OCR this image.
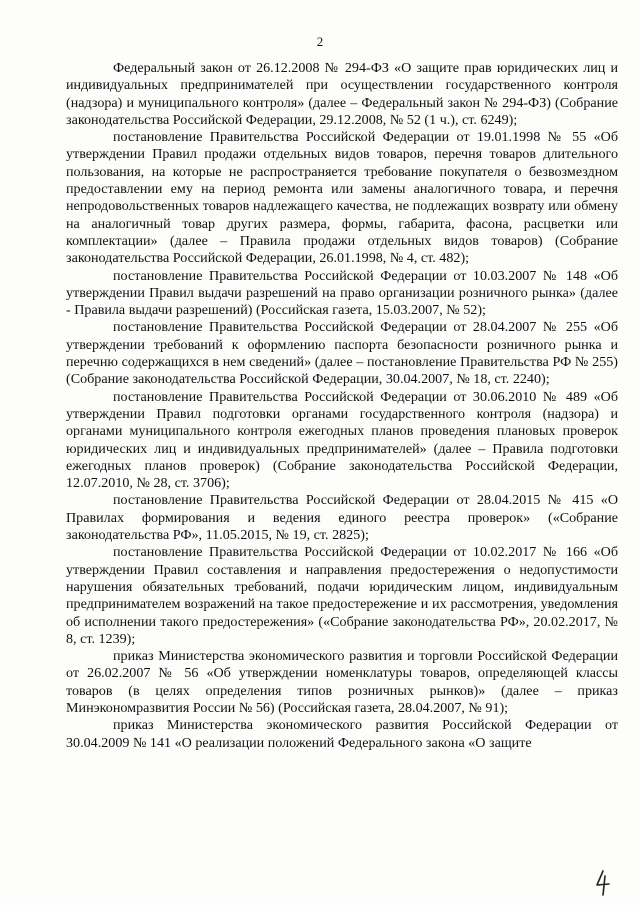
2

Федеральный закон от 26.12.2008 № 294-ФЗ «О защите прав юридических лиц и индивидуальных предпринимателей при осуществлении государственного контроля (надзора) и муниципального контроля» (далее – Федеральный закон № 294-ФЗ) (Собрание законодательства Российской Федерации, 29.12.2008, № 52 (1 ч.), ст. 6249);

постановление Правительства Российской Федерации от 19.01.1998 № 55 «Об утверждении Правил продажи отдельных видов товаров, перечня товаров длительного пользования, на которые не распространяется требование покупателя о безвозмездном предоставлении ему на период ремонта или замены аналогичного товара, и перечня непродовольственных товаров надлежащего качества, не подлежащих возврату или обмену на аналогичный товар других размера, формы, габарита, фасона, расцветки или комплектации» (далее – Правила продажи отдельных видов товаров) (Собрание законодательства Российской Федерации, 26.01.1998, № 4, ст. 482);

постановление Правительства Российской Федерации от 10.03.2007 № 148 «Об утверждении Правил выдачи разрешений на право организации розничного рынка» (далее - Правила выдачи разрешений) (Российская газета, 15.03.2007, № 52);

постановление Правительства Российской Федерации от 28.04.2007 № 255 «Об утверждении требований к оформлению паспорта безопасности розничного рынка и перечню содержащихся в нем сведений» (далее – постановление Правительства РФ № 255) (Собрание законодательства Российской Федерации, 30.04.2007, № 18, ст. 2240);

постановление Правительства Российской Федерации от 30.06.2010 № 489 «Об утверждении Правил подготовки органами государственного контроля (надзора) и органами муниципального контроля ежегодных планов проведения плановых проверок юридических лиц и индивидуальных предпринимателей» (далее – Правила подготовки ежегодных планов проверок) (Собрание законодательства Российской Федерации, 12.07.2010, № 28, ст. 3706);

постановление Правительства Российской Федерации от 28.04.2015 № 415 «О Правилах формирования и ведения единого реестра проверок» («Собрание законодательства РФ», 11.05.2015, № 19, ст. 2825);

постановление Правительства Российской Федерации от 10.02.2017 № 166 «Об утверждении Правил составления и направления предостережения о недопустимости нарушения обязательных требований, подачи юридическим лицом, индивидуальным предпринимателем возражений на такое предостережение и их рассмотрения, уведомления об исполнении такого предостережения» («Собрание законодательства РФ», 20.02.2017, № 8, ст. 1239);

приказ Министерства экономического развития и торговли Российской Федерации от 26.02.2007 № 56 «Об утверждении номенклатуры товаров, определяющей классы товаров (в целях определения типов розничных рынков)» (далее – приказ Минэкономразвития России № 56) (Российская газета, 28.04.2007, № 91);

приказ Министерства экономического развития Российской Федерации от 30.04.2009 № 141 «О реализации положений Федерального закона «О защите
